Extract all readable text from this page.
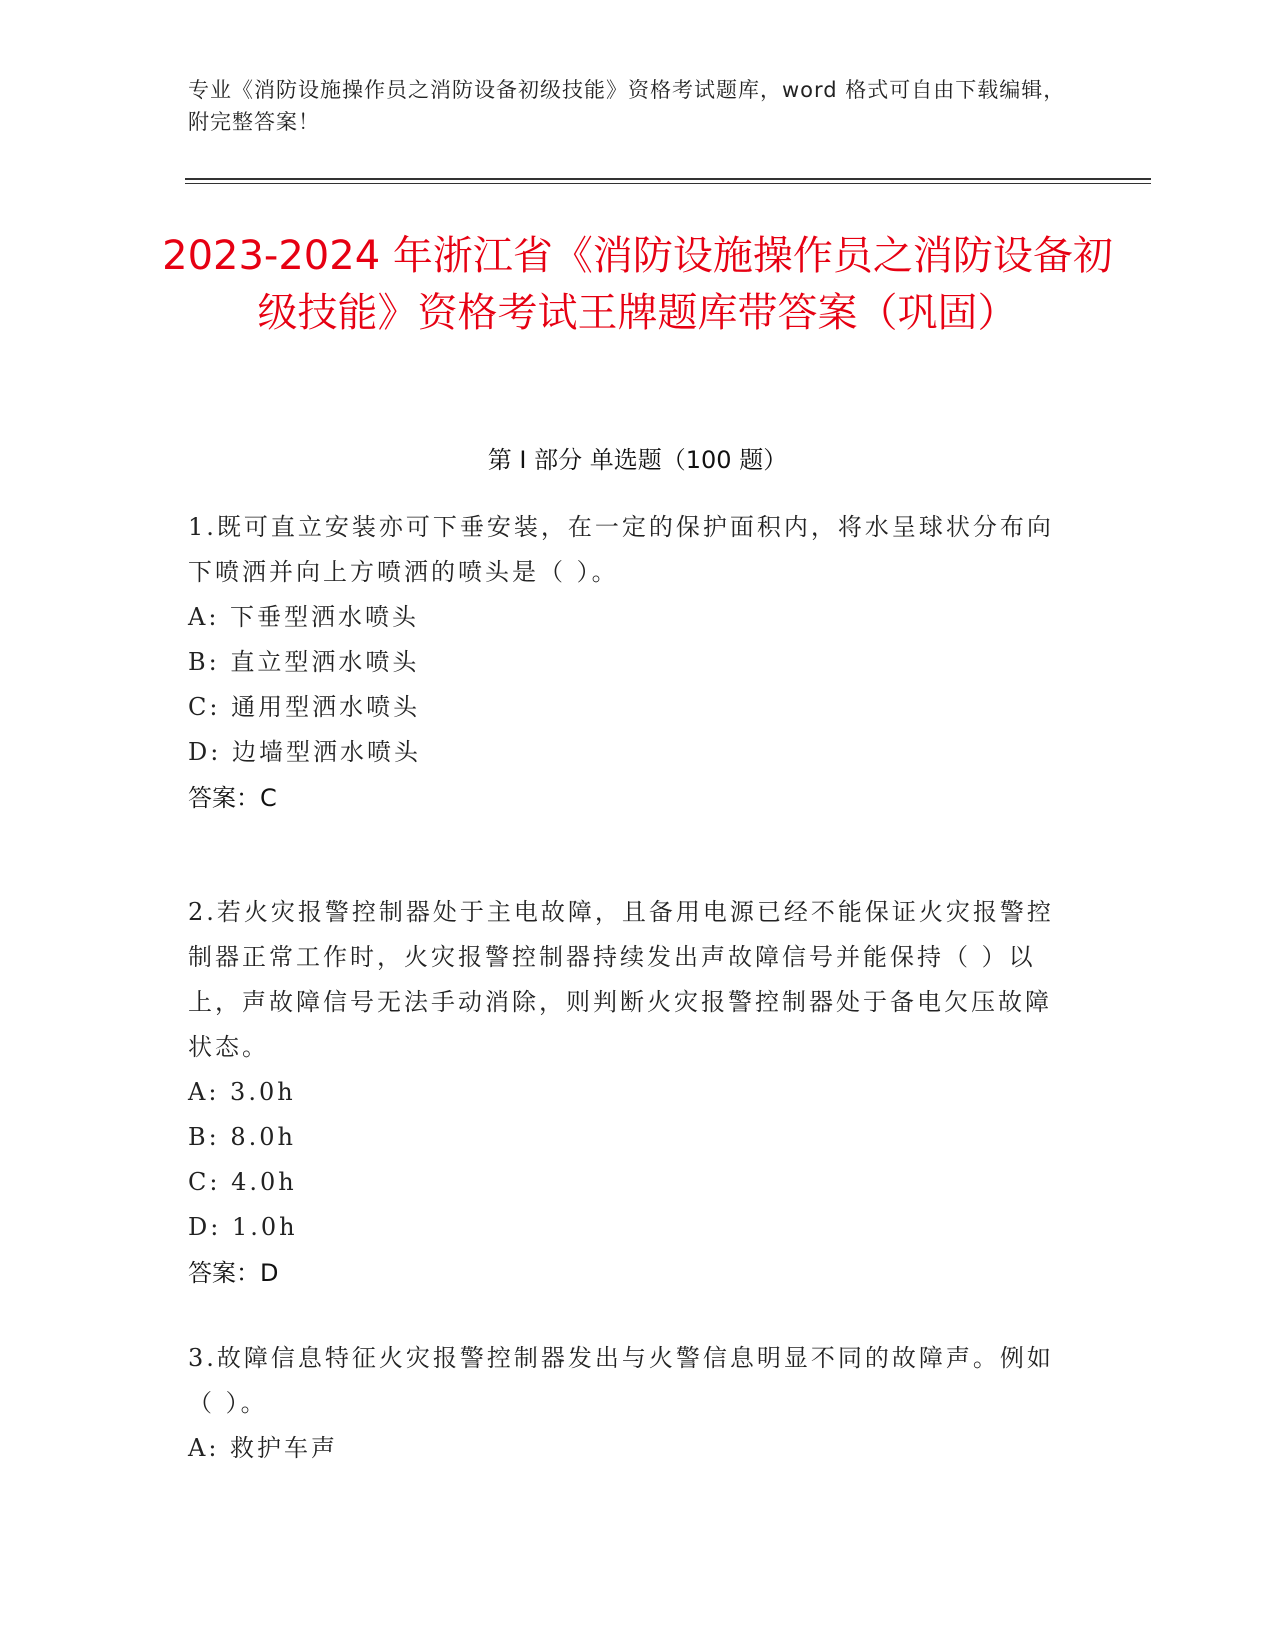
专业《消防设施操作员之消防设备初级技能》资格考试题库，word 格式可自由下载编辑，附完整答案！
2023-2024 年浙江省《消防设施操作员之消防设备初级技能》资格考试王牌题库带答案（巩固）
第 I 部分 单选题（100 题）

1.既可直立安装亦可下垂安装，在一定的保护面积内，将水呈球状分布向下喷洒并向上方喷洒的喷头是（ ）。

A: 下垂型洒水喷头

B: 直立型洒水喷头

C: 通用型洒水喷头

D: 边墙型洒水喷头

答案：C

2.若火灾报警控制器处于主电故障，且备用电源已经不能保证火灾报警控制器正常工作时，火灾报警控制器持续发出声故障信号并能保持（ ）以上，声故障信号无法手动消除，则判断火灾报警控制器处于备电欠压故障状态。

A: 3.0h

B: 8.0h

C: 4.0h

D: 1.0h

答案：D

3.故障信息特征火灾报警控制器发出与火警信息明显不同的故障声。例如（ ）。

A: 救护车声
